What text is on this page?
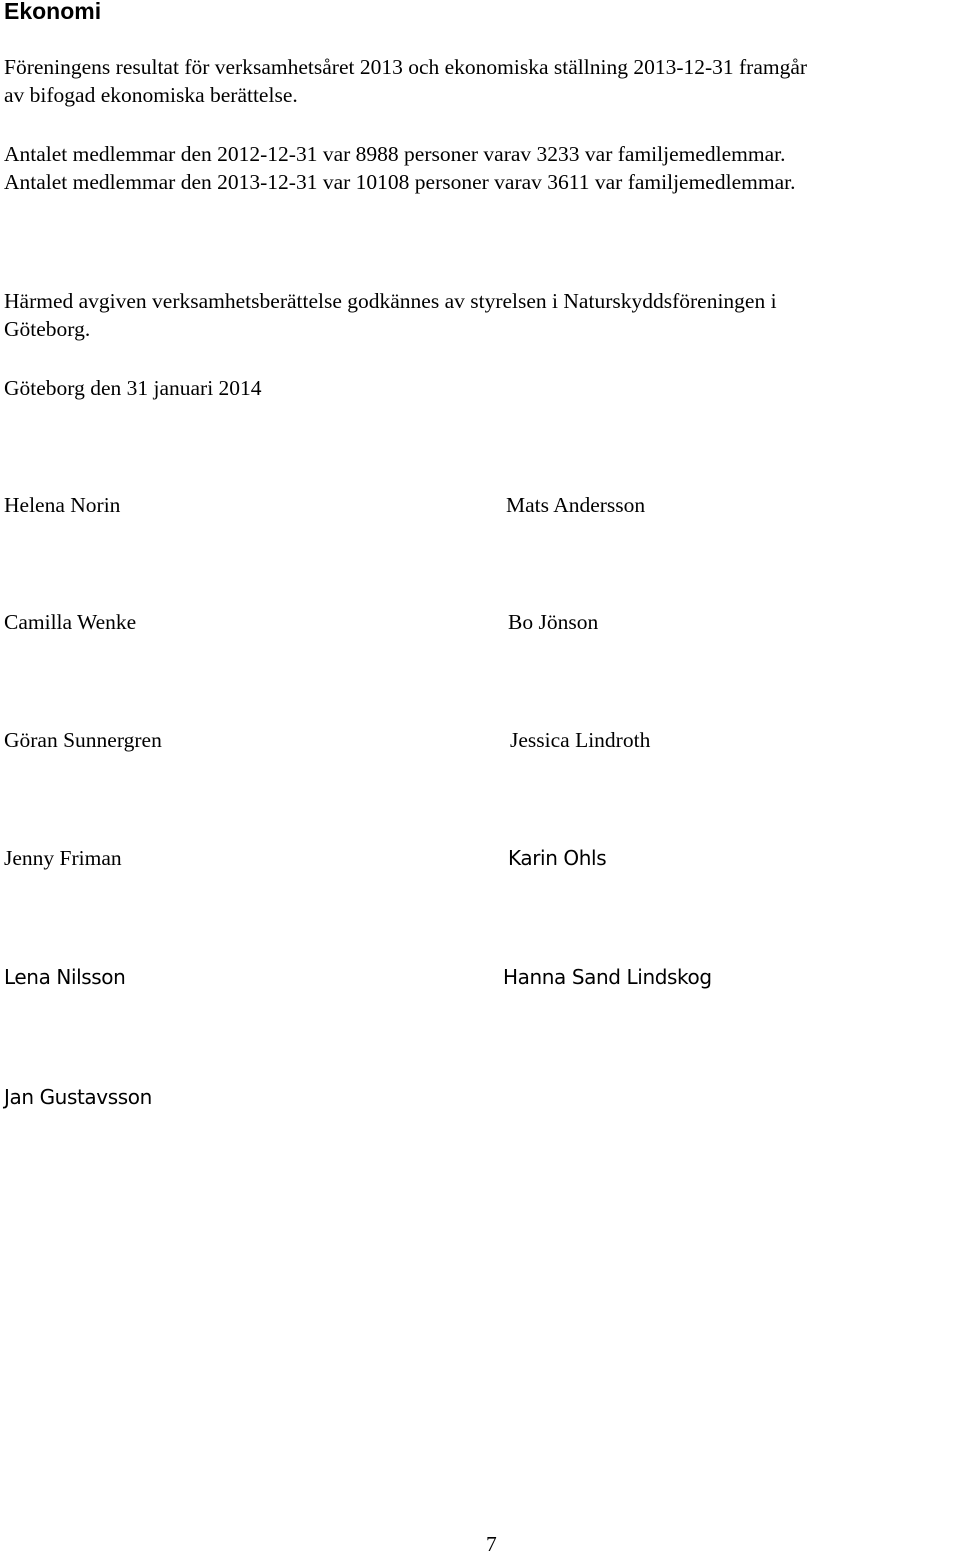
Ekonomi

Föreningens resultat för verksamhetsåret 2013 och ekonomiska ställning 2013-12-31 framgår
av bifogad ekonomiska berättelse.

Antalet medlemmar den 2012-12-31 var 8988 personer varav 3233 var familjemedlemmar.
Antalet medlemmar den 2013-12-31 var 10108 personer varav 3611 var familjemedlemmar.

Härmed avgiven verksamhetsberättelse godkännes av styrelsen i Naturskyddsföreningen i
Göteborg.

Göteborg den 31 januari 2014

Helena Norin	Mats Andersson
Camilla Wenke	Bo Jönson
Göran Sunnergren	Jessica Lindroth
Jenny Friman	Karin Ohls
Lena Nilsson	Hanna Sand Lindskog
Jan Gustavsson
7
